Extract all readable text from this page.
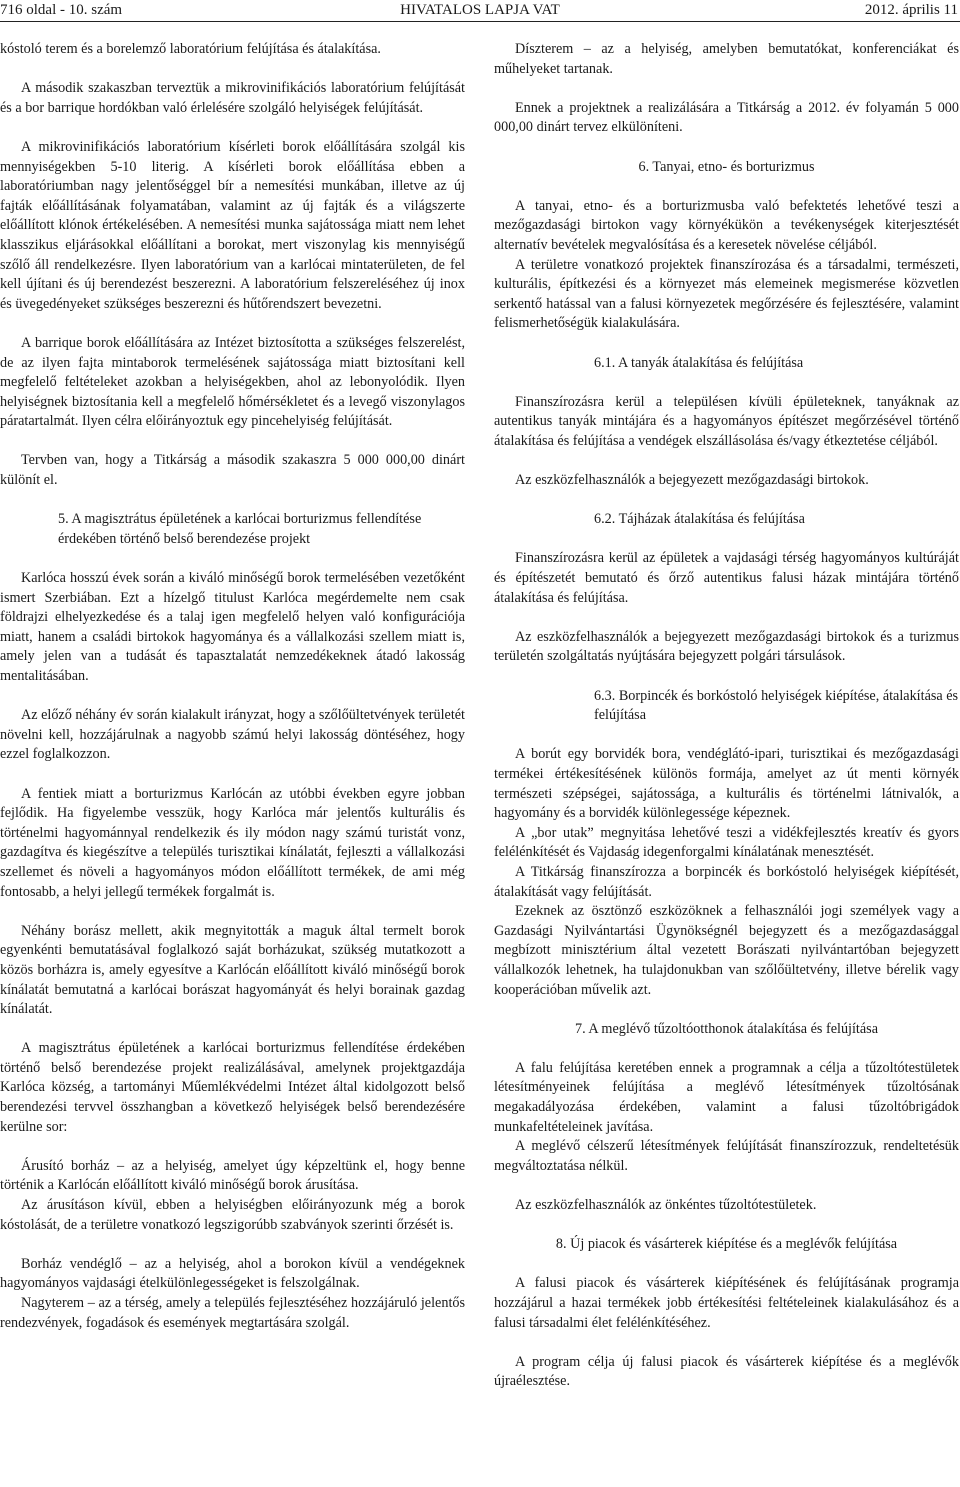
716 oldal - 10. szám	HIVATALOS LAPJA VAT	2012. április 11

kóstoló terem és a borelemző laboratórium felújítása és átalakítása.

A második szakaszban terveztük a mikrovinifikációs laboratórium felújítását és a bor barrique hordókban való érlelésére szolgáló helyiségek felújítását.

A mikrovinifikációs laboratórium kísérleti borok előállítására szolgál kis mennyiségekben 5-10 literig. A kísérleti borok előállítása ebben a laboratóriumban nagy jelentőséggel bír a nemesítési munkában, illetve az új fajták előállításának folyamatában, valamint az új fajták és a világszerte előállított klónok értékelésében. A nemesítési munka sajátossága miatt nem lehet klasszikus eljárásokkal előállítani a borokat, mert viszonylag kis mennyiségű szőlő áll rendelkezésre. Ilyen laboratórium van a karlócai mintaterületen, de fel kell újítani és új berendezést beszerezni. A laboratórium felszereléséhez új inox és üvegedényeket szükséges beszerezni és hűtőrendszert bevezetni.

A barrique borok előállítására az Intézet biztosította a szükséges felszerelést, de az ilyen fajta mintaborok termelésének sajátossága miatt biztosítani kell megfelelő feltételeket azokban a helyiségekben, ahol az lebonyolódik. Ilyen helyiségnek biztosítania kell a megfelelő hőmérsékletet és a levegő viszonylagos páratartalmát. Ilyen célra előirányoztuk egy pincehelyiség felújítását.

Tervben van, hogy a Titkárság a második szakaszra 5 000 000,00 dinárt különít el.

5. A magisztrátus épületének a karlócai borturizmus fellendítése érdekében történő belső berendezése projekt

Karlóca hosszú évek során a kiváló minőségű borok termelésében vezetőként ismert Szerbiában. Ezt a hízelgő titulust Karlóca megérdemelte nem csak földrajzi elhelyezkedése és a talaj igen megfelelő helyen való konfigurációja miatt, hanem a családi birtokok hagyománya és a vállalkozási szellem miatt is, amely jelen van a tudását és tapasztalatát nemzedékeknek átadó lakosság mentalitásában.

Az előző néhány év során kialakult irányzat, hogy a szőlőültetvények területét növelni kell, hozzájárulnak a nagyobb számú helyi lakosság döntéséhez, hogy ezzel foglalkozzon.

A fentiek miatt a borturizmus Karlócán az utóbbi években egyre jobban fejlődik. Ha figyelembe vesszük, hogy Karlóca már jelentős kulturális és történelmi hagyománnyal rendelkezik és ily módon nagy számú turistát vonz, gazdagítva és kiegészítve a település turisztikai kínálatát, fejleszti a vállalkozási szellemet és növeli a hagyományos módon előállított termékek, de ami még fontosabb, a helyi jellegű termékek forgalmát is.

Néhány borász mellett, akik megnyitották a maguk által termelt borok egyenkénti bemutatásával foglalkozó saját borházukat, szükség mutatkozott a közös borházra is, amely egyesítve a Karlócán előállított kiváló minőségű borok kínálatát bemutatná a karlócai borászat hagyományát és helyi borainak gazdag kínálatát.

A magisztrátus épületének a karlócai borturizmus fellendítése érdekében történő belső berendezése projekt realizálásával, amelynek projektgazdája Karlóca község, a tartományi Műemlékvédelmi Intézet által kidolgozott belső berendezési tervvel összhangban a következő helyiségek belső berendezésére kerülne sor:

Árusító borház – az a helyiség, amelyet úgy képzeltünk el, hogy benne történik a Karlócán előállított kiváló minőségű borok árusítása.

Az árusításon kívül, ebben a helyiségben előirányozunk még a borok kóstolását, de a területre vonatkozó legszigorúbb szabványok szerinti őrzését is.

Borház vendéglő – az a helyiség, ahol a borokon kívül a vendégeknek hagyományos vajdasági ételkülönlegességeket is felszolgálnak.

Nagyterem – az a térség, amely a település fejlesztéséhez hozzájáruló jelentős rendezvények, fogadások és események megtartására szolgál.

Díszterem – az a helyiség, amelyben bemutatókat, konferenciákat és műhelyeket tartanak.

Ennek a projektnek a realizálására a Titkárság a 2012. év folyamán 5 000 000,00 dinárt tervez elkülöníteni.

6. Tanyai, etno- és borturizmus

A tanyai, etno- és a borturizmusba való befektetés lehetővé teszi a mezőgazdasági birtokon vagy környékükön a tevékenységek kiterjesztését alternatív bevételek megvalósítása és a keresetek növelése céljából.

A területre vonatkozó projektek finanszírozása és a társadalmi, természeti, kulturális, építkezési és a környezet más elemeinek megismerése közvetlen serkentő hatással van a falusi környezetek megőrzésére és fejlesztésére, valamint felismerhetőségük kialakulására.

6.1. A tanyák átalakítása és felújítása

Finanszírozásra kerül a településen kívüli épületeknek, tanyáknak az autentikus tanyák mintájára és a hagyományos építészet megőrzésével történő átalakítása és felújítása a vendégek elszállásolása és/vagy étkeztetése céljából.

Az eszközfelhasználók a bejegyezett mezőgazdasági birtokok.

6.2. Tájházak átalakítása és felújítása

Finanszírozásra kerül az épületek a vajdasági térség hagyományos kultúráját és építészetét bemutató és őrző autentikus falusi házak mintájára történő átalakítása és felújítása.

Az eszközfelhasználók a bejegyezett mezőgazdasági birtokok és a turizmus területén szolgáltatás nyújtására bejegyzett polgári társulások.

6.3. Borpincék és borkóstoló helyiségek kiépítése, átalakítása és felújítása

A borút egy borvidék bora, vendéglátó-ipari, turisztikai és mezőgazdasági termékei értékesítésének különös formája, amelyet az út menti környék természeti szépségei, sajátossága, a kulturális és történelmi látnivalók, a hagyomány és a borvidék különlegessége képeznek.

A „bor utak” megnyitása lehetővé teszi a vidékfejlesztés kreatív és gyors felélénkítését és Vajdaság idegenforgalmi kínálatának menesztését.

A Titkárság finanszírozza a borpincék és borkóstoló helyiségek kiépítését, átalakítását vagy felújítását.

Ezeknek az ösztönző eszközöknek a felhasználói jogi személyek vagy a Gazdasági Nyilvántartási Ügynökségnél bejegyzett és a mezőgazdasággal megbízott minisztérium által vezetett Borászati nyilvántartóban bejegyzett vállalkozók lehetnek, ha tulajdonukban van szőlőültetvény, illetve bérelik vagy kooperációban művelik azt.

7. A meglévő tűzoltóotthonok átalakítása és felújítása

A falu felújítása keretében ennek a programnak a célja a tűzoltótestületek létesítményeinek felújítása a meglévő létesítmények tűzoltósának megakadályozása érdekében, valamint a falusi tűzoltóbrigádok munkafeltételeinek javítása.

A meglévő célszerű létesítmények felújítását finanszírozzuk, rendeltetésük megváltoztatása nélkül.

Az eszközfelhasználók az önkéntes tűzoltótestületek.

8. Új piacok és vásárterek kiépítése és a meglévők felújítása

A falusi piacok és vásárterek kiépítésének és felújításának programja hozzájárul a hazai termékek jobb értékesítési feltételeinek kialakulásához és a falusi társadalmi élet felélénkítéséhez.

A program célja új falusi piacok és vásárterek kiépítése és a meglévők újraélesztése.
